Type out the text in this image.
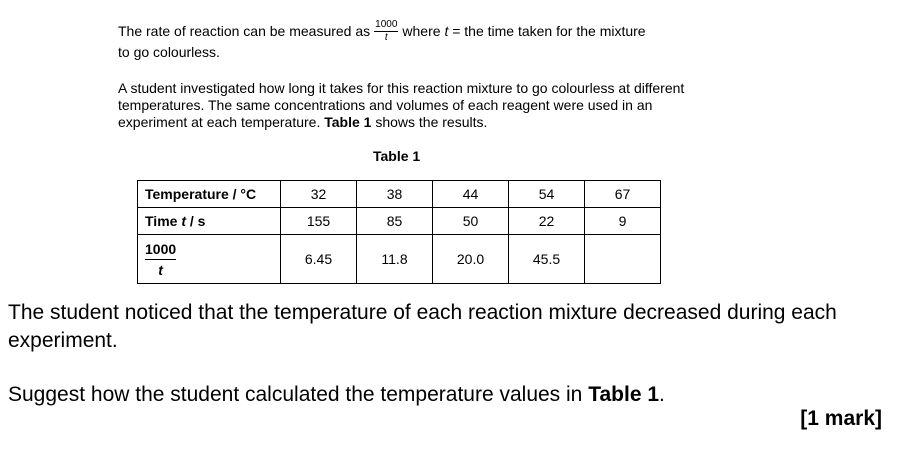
The rate of reaction can be measured as $\frac{1000}{t}$ where
t
= the time taken for the mixture
to go colourless.
A student investigated how long it takes for this reaction mixture to go colourless at different temperatures. The same concentrations and volumes of each reagent were used in an experiment at each temperature. Table 1 shows the results.
Table 1
Temperature / °C	32	38	44	54	67
Time t / s	155	85	50	22	9

$\frac{1000}{t}$	6.45	11.8	20.0	45.5	
The student noticed that the temperature of each reaction mixture decreased during each experiment.
Suggest how the student calculated the temperature values in Table 1.
[1 mark]
